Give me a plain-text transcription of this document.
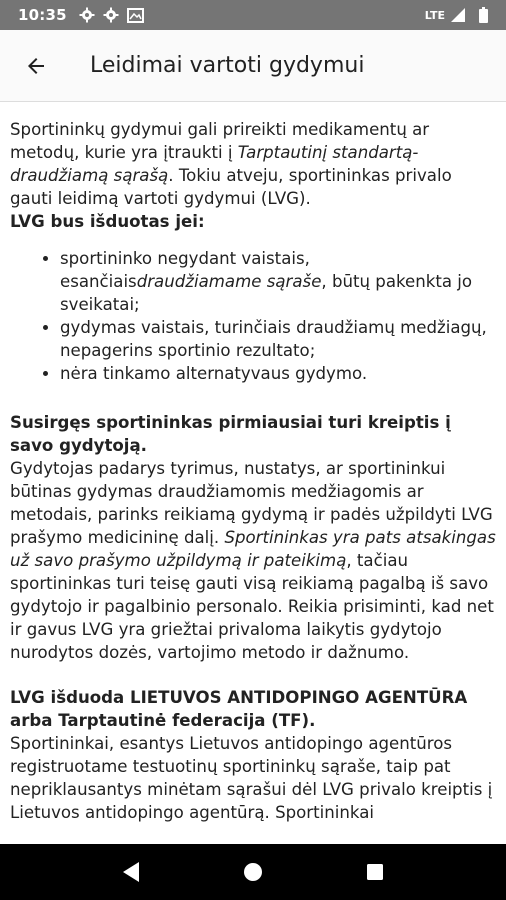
10:35	LTE
Leidimai vartoti gydymui

Sportininkų gydymui gali prireikti medikamentų ar metodų, kurie yra įtraukti į Tarptautinį standartą-draudžiamą sąrašą. Tokiu atveju, sportininkas privalo gauti leidimą vartoti gydymui (LVG).

LVG bus išduotas jei:

• sportininko negydant vaistais, esančiaisdraudžiamame sąraše, būtų pakenkta jo sveikatai;
• gydymas vaistais, turinčiais draudžiamų medžiagų, nepagerins sportinio rezultato;
• nėra tinkamo alternatyvaus gydymo.

Susirgęs sportininkas pirmiausiai turi kreiptis į savo gydytoją.

Gydytojas padarys tyrimus, nustatys, ar sportininkui būtinas gydymas draudžiamomis medžiagomis ar metodais, parinks reikiamą gydymą ir padės užpildyti LVG prašymo medicininę dalį. Sportininkas yra pats atsakingas už savo prašymo užpildymą ir pateikimą, tačiau sportininkas turi teisę gauti visą reikiamą pagalbą iš savo gydytojo ir pagalbinio personalo. Reikia prisiminti, kad net ir gavus LVG yra griežtai privaloma laikytis gydytojo nurodytos dozės, vartojimo metodo ir dažnumo.

LVG išduoda LIETUVOS ANTIDOPINGO AGENTŪRA arba Tarptautinė federacija (TF).

Sportininkai, esantys Lietuvos antidopingo agentūros registruotame testuotinų sportininkų sąraše, taip pat nepriklausantys minėtam sąrašui dėl LVG privalo kreiptis į Lietuvos antidopingo agentūrą. Sportininkai
